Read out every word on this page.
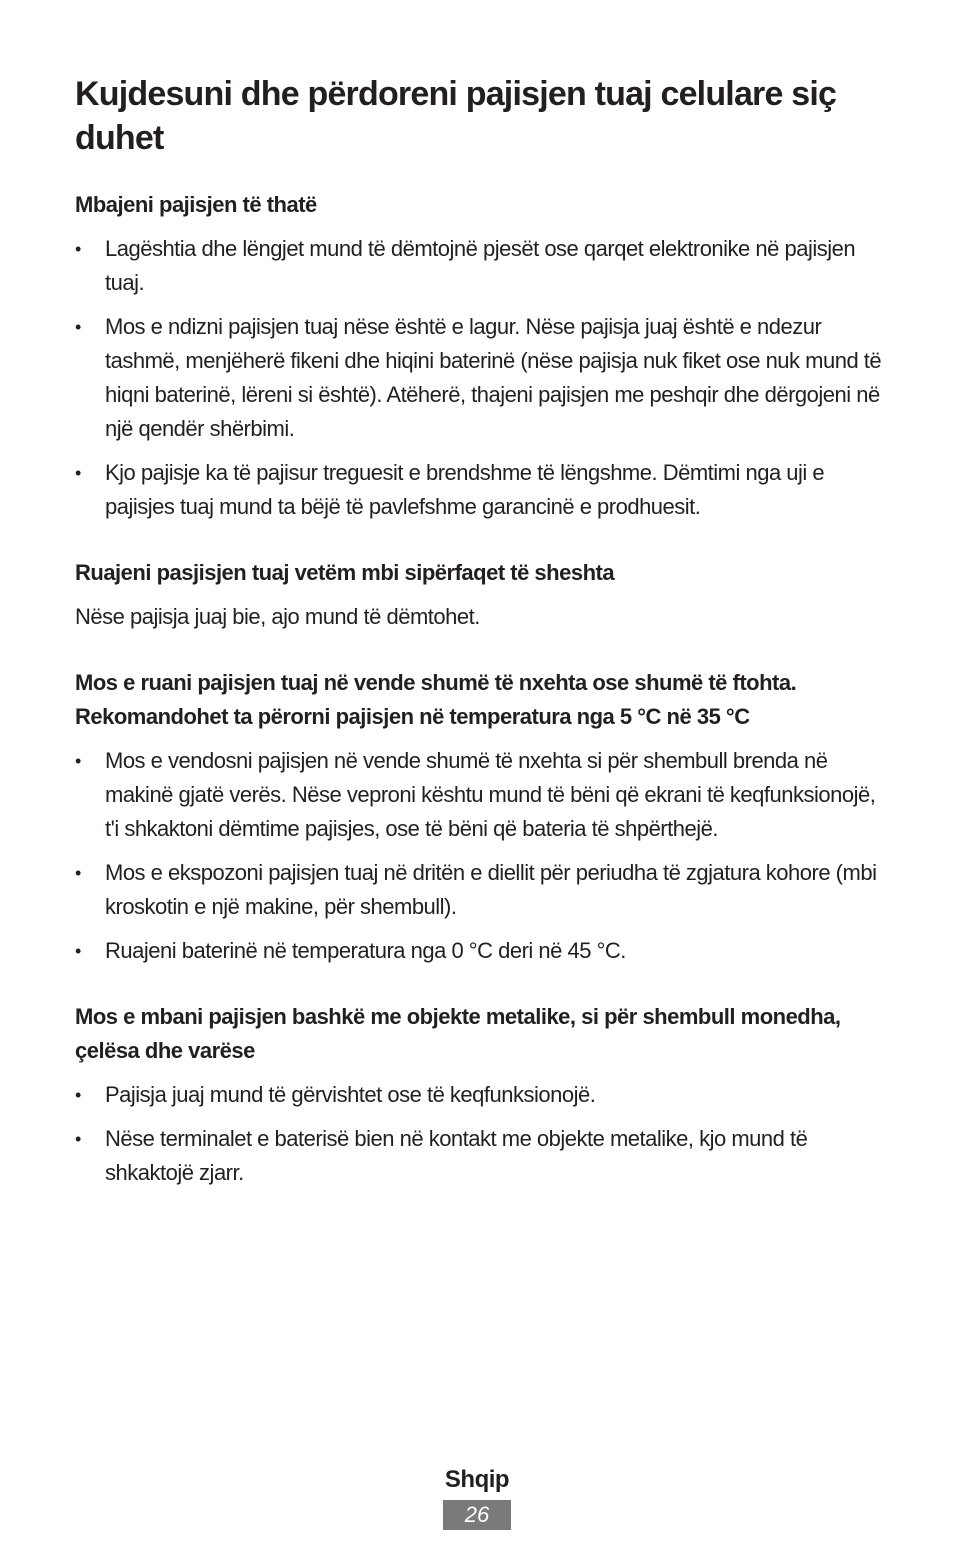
Kujdesuni dhe përdoreni pajisjen tuaj celulare siç duhet
Mbajeni pajisjen të thatë
•	Lagështia dhe lëngjet mund të dëmtojnë pjesët ose qarqet elektronike në pajisjen tuaj.
•	Mos e ndizni pajisjen tuaj nëse është e lagur. Nëse pajisja juaj është e ndezur tashmë, menjëherë fikeni dhe hiqini baterinë (nëse pajisja nuk fiket ose nuk mund të hiqni baterinë, lëreni si është). Atëherë, thajeni pajisjen me peshqir dhe dërgojeni në një qendër shërbimi.
•	Kjo pajisje ka të pajisur treguesit e brendshme të lëngshme. Dëmtimi nga uji e pajisjes tuaj mund ta bëjë të pavlefshme garancinë e prodhuesit.
Ruajeni pasjisjen tuaj vetëm mbi sipërfaqet të sheshta

Nëse pajisja juaj bie, ajo mund të dëmtohet.

Mos e ruani pajisjen tuaj në vende shumë të nxehta ose shumë të ftohta. Rekomandohet ta përorni pajisjen në temperatura nga 5 °C në 35 °C
•	Mos e vendosni pajisjen në vende shumë të nxehta si për shembull brenda në makinë gjatë verës. Nëse veproni kështu mund të bëni që ekrani të keqfunksionojë, t'i shkaktoni dëmtime pajisjes, ose të bëni që bateria të shpërthejë.
•	Mos e ekspozoni pajisjen tuaj në dritën e diellit për periudha të zgjatura kohore (mbi kroskotin e një makine, për shembull).
•	Ruajeni baterinë në temperatura nga 0 °C deri në 45 °C.
Mos e mbani pajisjen bashkë me objekte metalike, si për shembull monedha, çelësa dhe varëse
•	Pajisja juaj mund të gërvishtet ose të keqfunksionojë.
•	Nëse terminalet e baterisë bien në kontakt me objekte metalike, kjo mund të shkaktojë zjarr.
Shqip
26
